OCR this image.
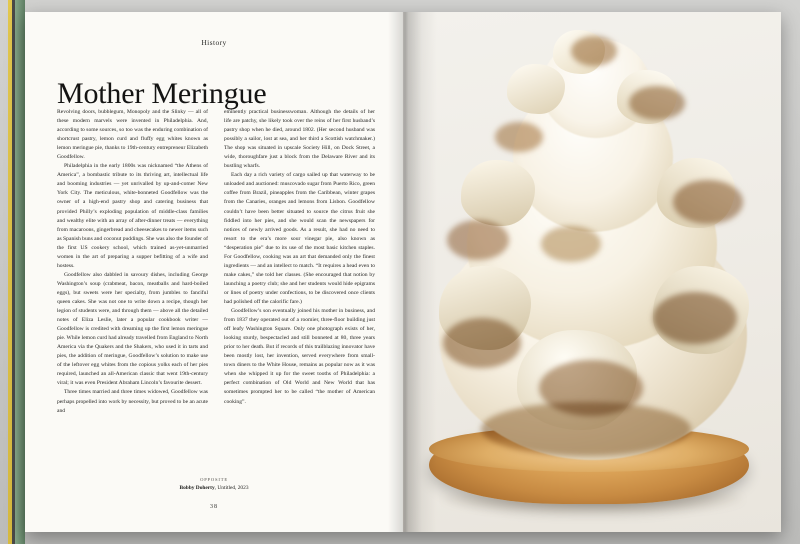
History
Mother Meringue

Revolving doors, bubblegum, Monopoly and the Slinky — all of these modern marvels were invented in Philadelphia. And, according to some sources, so too was the enduring combination of shortcrust pastry, lemon curd and fluffy egg whites known as lemon meringue pie, thanks to 19th-century entrepreneur Elizabeth Goodfellow.

Philadelphia in the early 1800s was nicknamed “the Athens of America”, a bombastic tribute to its thriving art, intellectual life and booming industries — yet unrivalled by up-and-comer New York City. The meticulous, white-bonneted Goodfellow was the owner of a high-end pastry shop and catering business that provided Philly’s exploding population of middle-class families and wealthy elite with an array of after-dinner treats — everything from macaroons, gingerbread and cheesecakes to newer items such as Spanish buns and coconut puddings. She was also the founder of the first US cookery school, which trained as-yet-unmarried women in the art of preparing a supper befitting of a wife and hostess.

Goodfellow also dabbled in savoury dishes, including George Washington’s soup (crabmeat, bacon, meatballs and hard-boiled eggs), but sweets were her specialty, from jumbles to fanciful queen cakes. She was not one to write down a recipe, though her legion of students were, and through them — above all the detailed notes of Eliza Leslie, later a popular cookbook writer — Goodfellow is credited with dreaming up the first lemon meringue pie. While lemon curd had already travelled from England to North America via the Quakers and the Shakers, who used it in tarts and pies, the addition of meringue, Goodfellow’s solution to make use of the leftover egg whites from the copious yolks each of her pies required, launched an all-American classic that went 19th-century viral; it was even President Abraham Lincoln’s favourite dessert.

Three times married and three times widowed, Goodfellow was perhaps propelled into work by necessity, but proved to be an acute and

eminently practical businesswoman. Although the details of her life are patchy, she likely took over the reins of her first husband’s pastry shop when he died, around 1802. (Her second husband was possibly a sailor, lost at sea, and her third a Scottish watchmaker.) The shop was situated in upscale Society Hill, on Dock Street, a wide, thoroughfare just a block from the Delaware River and its bustling wharfs.

Each day a rich variety of cargo sailed up that waterway to be unloaded and auctioned: muscovado sugar from Puerto Rico, green coffee from Brazil, pineapples from the Caribbean, winter grapes from the Canaries, oranges and lemons from Lisbon. Goodfellow couldn’t have been better situated to source the citrus fruit she fiddled into her pies, and she would scan the newspapers for notices of newly arrived goods. As a result, she had no need to resort to the era’s more sour vinegar pie, also known as “desperation pie” due to its use of the most basic kitchen staples. For Goodfellow, cooking was an art that demanded only the finest ingredients — and an intellect to match. “It requires a head even to make cakes,” she told her classes. (She encouraged that notion by launching a poetry club; she and her students would hide epigrams or lines of poetry under confections, to be discovered once clients had polished off the calorific fare.)

Goodfellow’s son eventually joined his mother in business, and from 1837 they operated out of a roomier, three-floor building just off leafy Washington Square. Only one photograph exists of her, looking sturdy, bespectacled and still bonneted at 80, three years prior to her death. But if records of this trailblazing innovator have been mostly lost, her invention, served everywhere from small-town diners to the White House, remains as popular now as it was when she whipped it up for the sweet tooths of Philadelphia: a perfect combination of Old World and New World that has sometimes prompted her to be called “the mother of American cooking”.

OPPOSITE
Bobby Doherty, Untitled, 2023
38
